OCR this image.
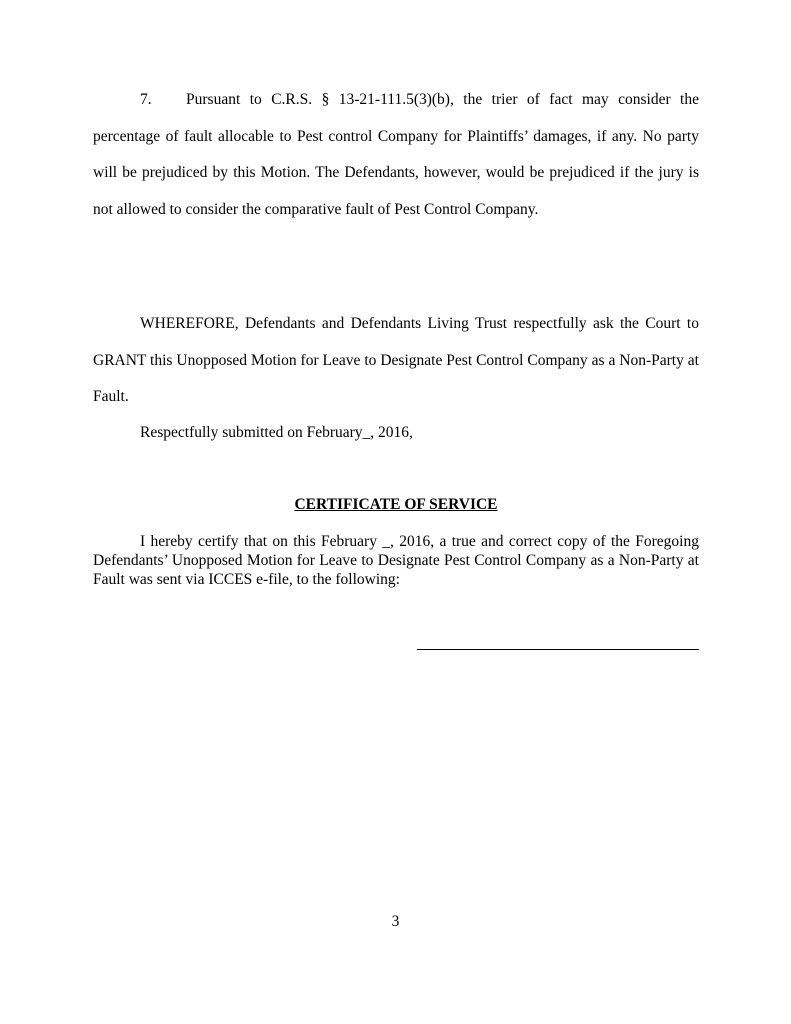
7. Pursuant to C.R.S. § 13-21-111.5(3)(b), the trier of fact may consider the percentage of fault allocable to Pest control Company for Plaintiffs’ damages, if any. No party will be prejudiced by this Motion. The Defendants, however, would be prejudiced if the jury is not allowed to consider the comparative fault of Pest Control Company.

WHEREFORE, Defendants and Defendants Living Trust respectfully ask the Court to GRANT this Unopposed Motion for Leave to Designate Pest Control Company as a Non-Party at Fault.

Respectfully submitted on February_, 2016,
CERTIFICATE OF SERVICE

I hereby certify that on this February _, 2016, a true and correct copy of the Foregoing Defendants’ Unopposed Motion for Leave to Designate Pest Control Company as a Non-Party at Fault was sent via ICCES e-file, to the following:

3
